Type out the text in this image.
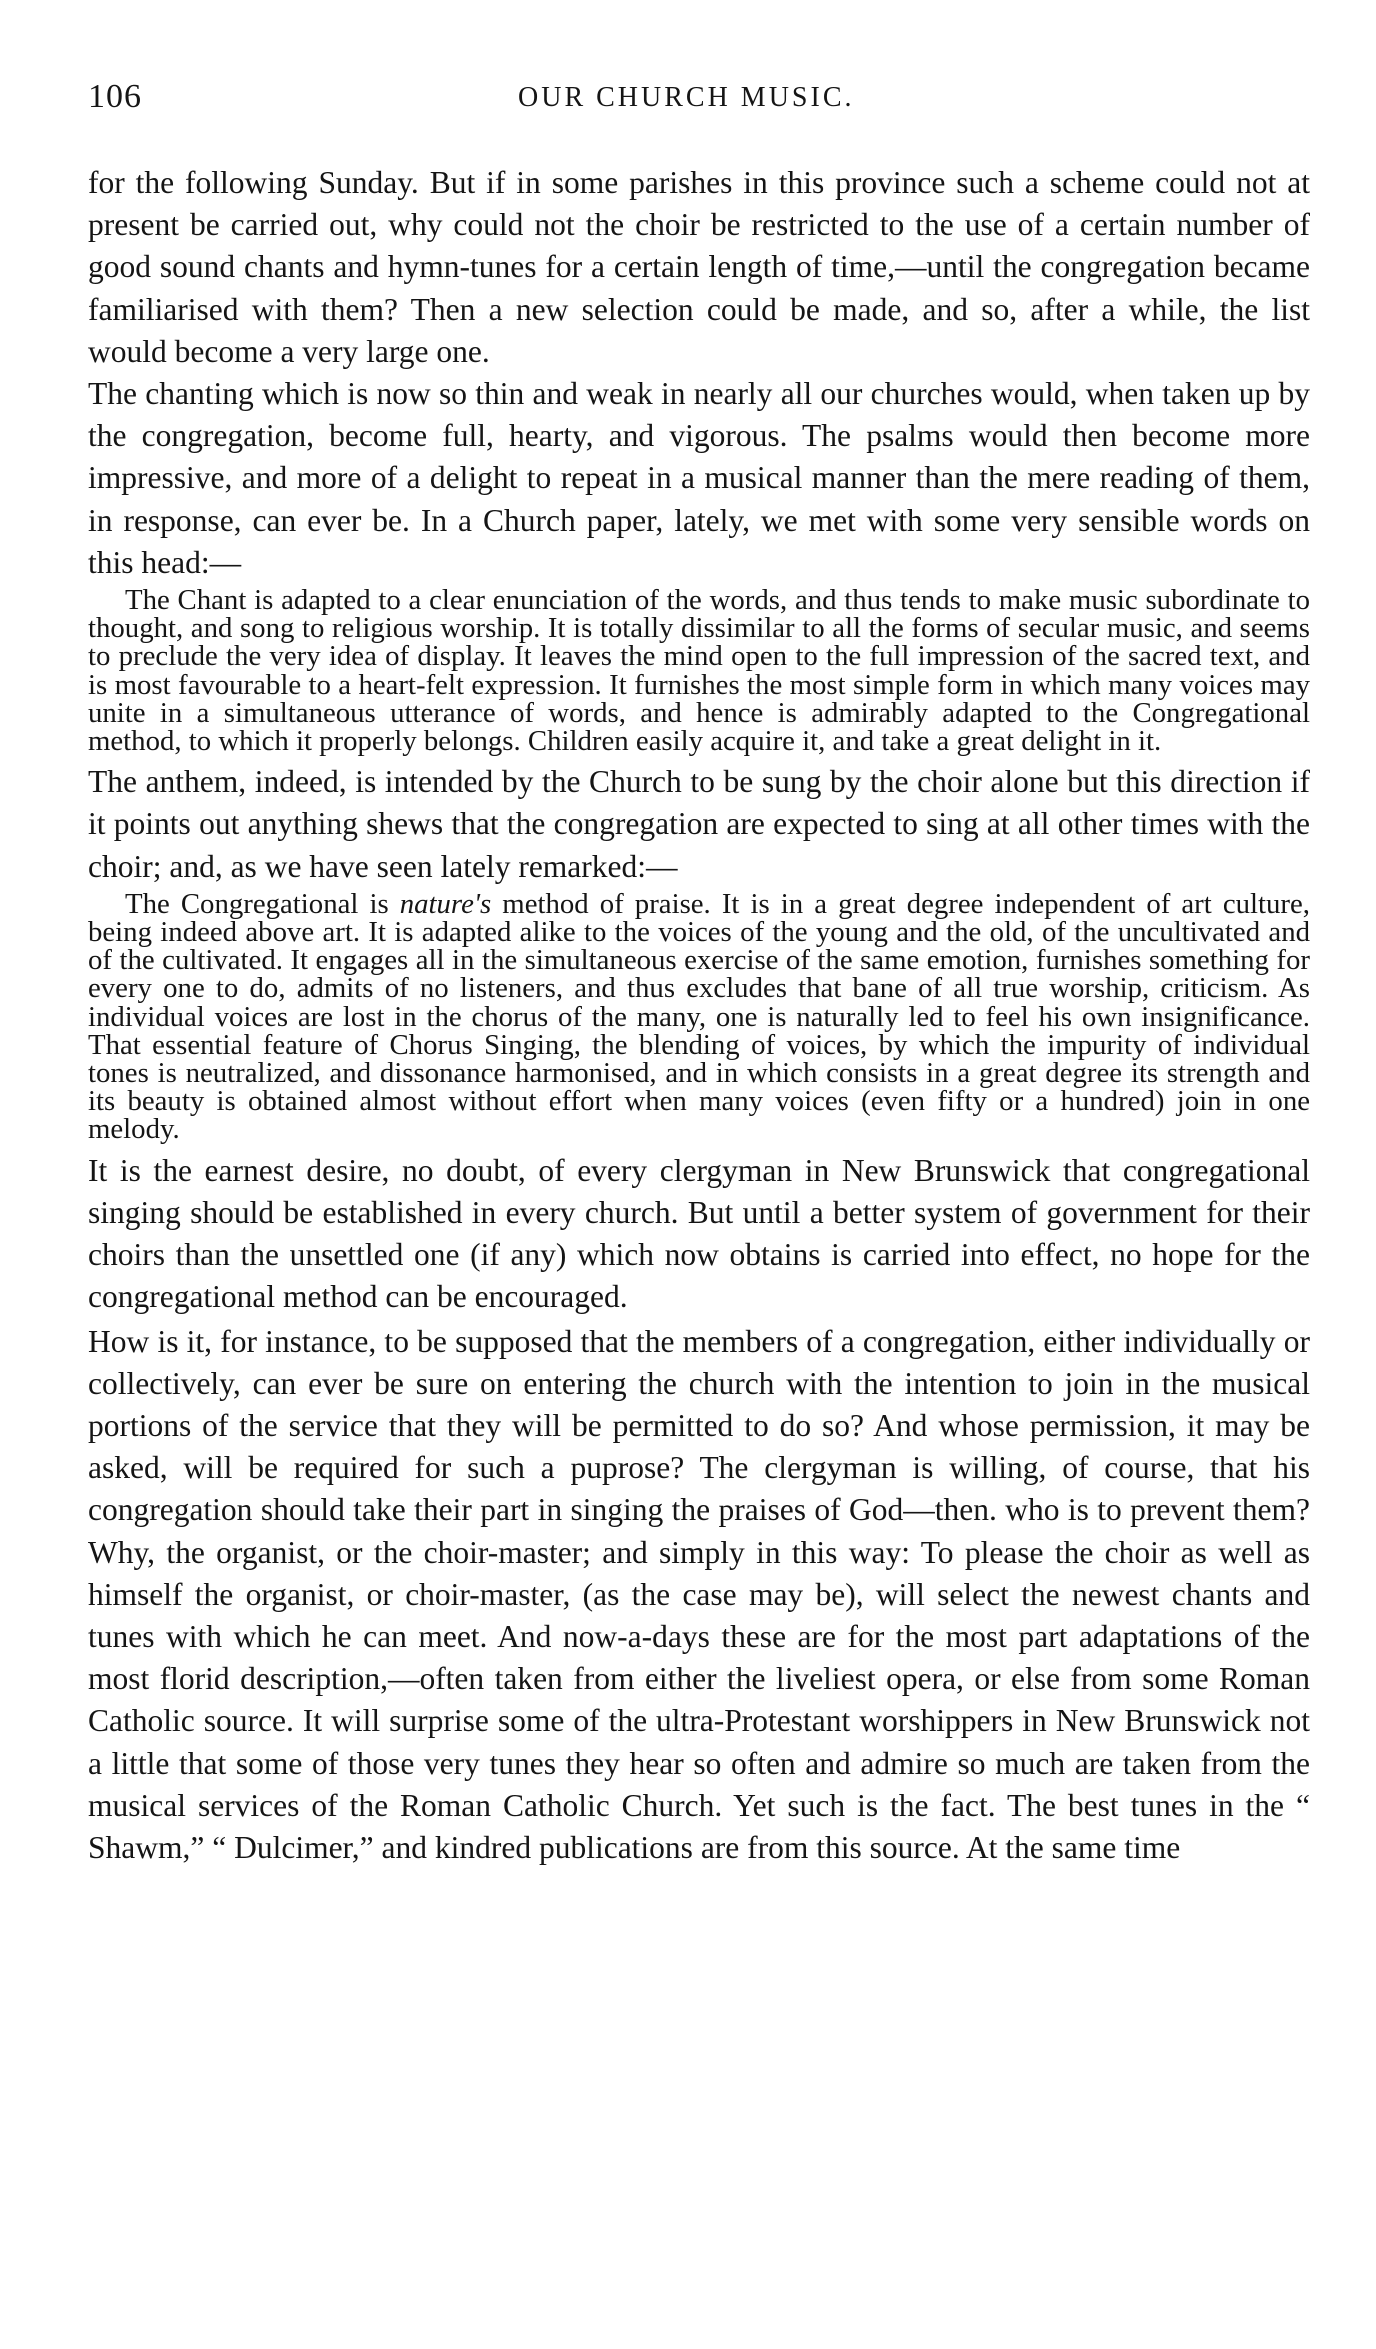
106	OUR CHURCH MUSIC.

for the following Sunday. But if in some parishes in this province such a scheme could not at present be carried out, why could not the choir be restricted to the use of a certain number of good sound chants and hymn-tunes for a certain length of time,—until the congregation became familiarised with them? Then a new selection could be made, and so, after a while, the list would become a very large one.

The chanting which is now so thin and weak in nearly all our churches would, when taken up by the congregation, become full, hearty, and vigorous. The psalms would then become more impressive, and more of a delight to repeat in a musical manner than the mere reading of them, in response, can ever be. In a Church paper, lately, we met with some very sensible words on this head:—

The Chant is adapted to a clear enunciation of the words, and thus tends to make music subordinate to thought, and song to religious worship. It is totally dissimilar to all the forms of secular music, and seems to preclude the very idea of display. It leaves the mind open to the full impression of the sacred text, and is most favourable to a heart-felt expression. It furnishes the most simple form in which many voices may unite in a simultaneous utterance of words, and hence is admirably adapted to the Congregational method, to which it properly belongs. Children easily acquire it, and take a great delight in it.

The anthem, indeed, is intended by the Church to be sung by the choir alone but this direction if it points out anything shews that the congregation are expected to sing at all other times with the choir; and, as we have seen lately remarked:—

The Congregational is nature's method of praise. It is in a great degree independent of art culture, being indeed above art. It is adapted alike to the voices of the young and the old, of the uncultivated and of the cultivated. It engages all in the simultaneous exercise of the same emotion, furnishes something for every one to do, admits of no listeners, and thus excludes that bane of all true worship, criticism. As individual voices are lost in the chorus of the many, one is naturally led to feel his own insignificance. That essential feature of Chorus Singing, the blending of voices, by which the impurity of individual tones is neutralized, and dissonance harmonised, and in which consists in a great degree its strength and its beauty is obtained almost without effort when many voices (even fifty or a hundred) join in one melody.

It is the earnest desire, no doubt, of every clergyman in New Brunswick that congregational singing should be established in every church. But until a better system of government for their choirs than the unsettled one (if any) which now obtains is carried into effect, no hope for the congregational method can be encouraged.

How is it, for instance, to be supposed that the members of a congregation, either individually or collectively, can ever be sure on entering the church with the intention to join in the musical portions of the service that they will be permitted to do so? And whose permission, it may be asked, will be required for such a puprose? The clergyman is willing, of course, that his congregation should take their part in singing the praises of God—then. who is to prevent them? Why, the organist, or the choir-master; and simply in this way: To please the choir as well as himself the organist, or choir-master, (as the case may be), will select the newest chants and tunes with which he can meet. And now-a-days these are for the most part adaptations of the most florid description,—often taken from either the liveliest opera, or else from some Roman Catholic source. It will surprise some of the ultra-Protestant worshippers in New Brunswick not a little that some of those very tunes they hear so often and admire so much are taken from the musical services of the Roman Catholic Church. Yet such is the fact. The best tunes in the “ Shawm,” “ Dulcimer,” and kindred publications are from this source. At the same time
